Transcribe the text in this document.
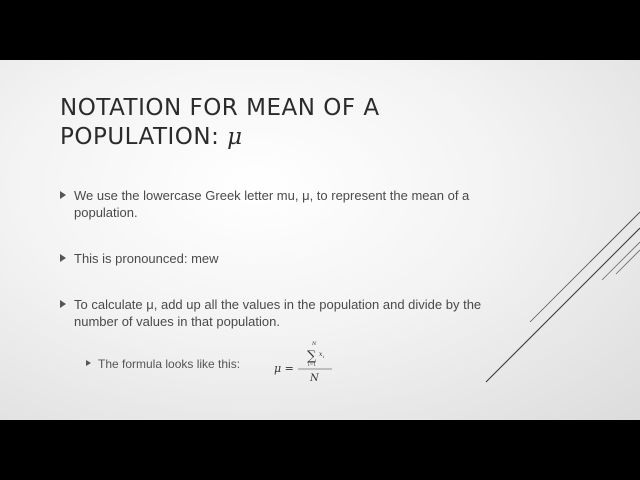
NOTATION FOR MEAN OF A
POPULATION: μ
We use the lowercase Greek letter mu, μ, to represent the mean of a population.
This is pronounced: mew
To calculate μ, add up all the values in the population and divide by the number of values in that population.
The formula looks like this:	μ =
N
∑
i=1
x i
N
